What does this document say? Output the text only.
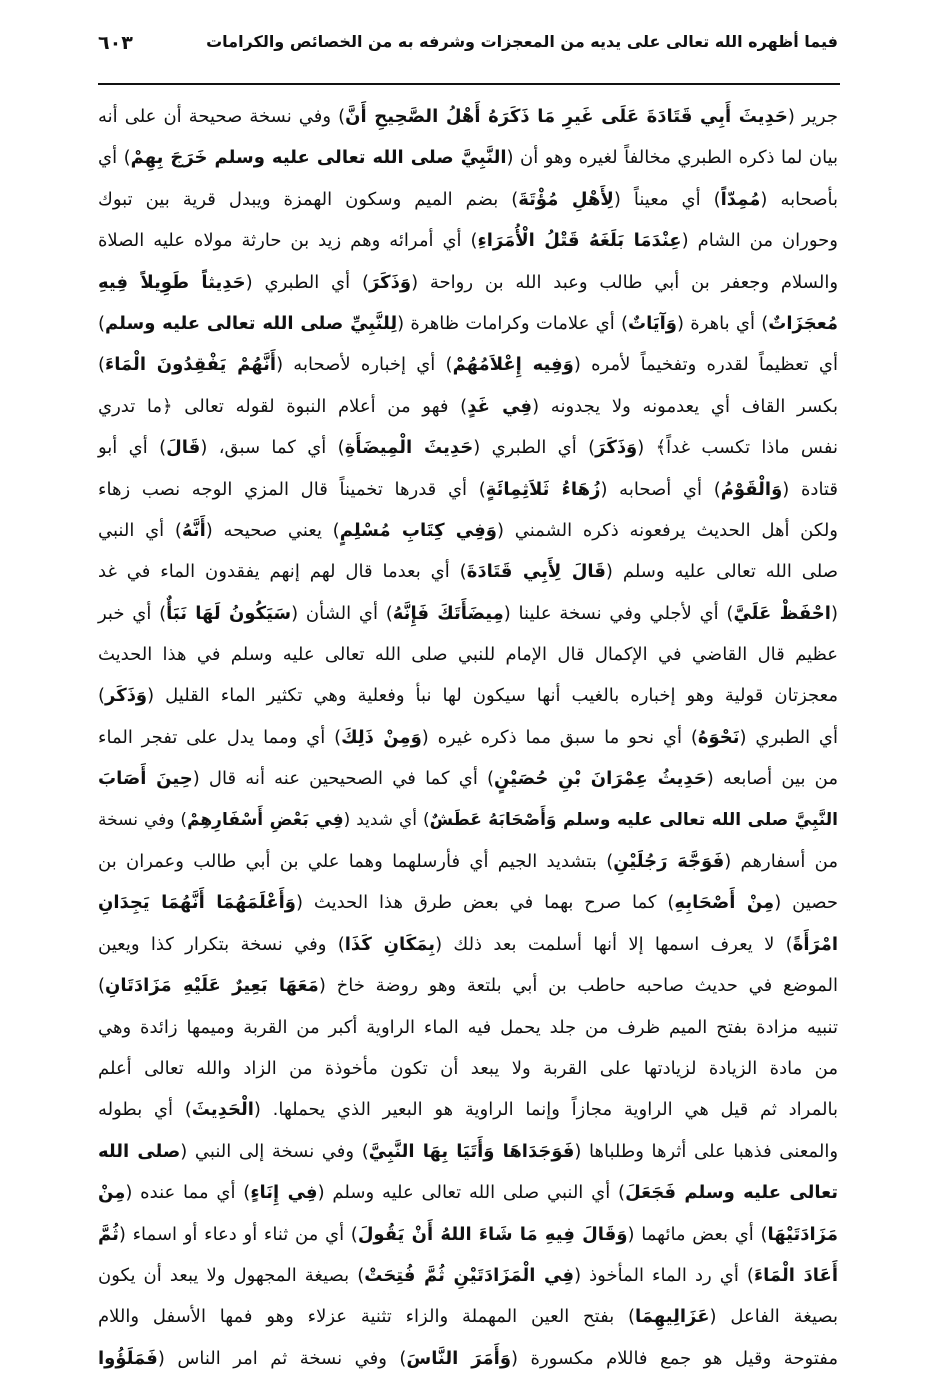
فيما أظهره الله تعالى على يديه من المعجزات وشرفه به من الخصائص والكرامات
٦٠٣
جرير (حَدِيثَ أَبِي قَتَادَةَ عَلَى غَيرِ مَا ذَكَرَهُ أَهْلُ الصَّحِيحِ أَنَّ) وفي نسخة صحيحة أن على أنه
بيان لما ذكره الطبري مخالفاً لغيره وهو أن (النَّبِيَّ صلى الله تعالى عليه وسلم خَرَجَ بِهِمْ) أي
بأصحابه (مُمِدّاً) أي معيناً (لِأَهْلِ مُؤْتَةَ) بضم الميم وسكون الهمزة ويبدل قرية بين تبوك
وحوران من الشام (عِنْدَمَا بَلَغَهُ قَتْلُ الْأُمَرَاءِ) أي أمرائه وهم زيد بن حارثة مولاه عليه الصلاة
والسلام وجعفر بن أبي طالب وعبد الله بن رواحة (وَذَكَرَ) أي الطبري (حَدِيثاً طَوِيلاً فِيهِ
مُعجَزَاتٌ) أي باهرة (وَآيَاتٌ) أي علامات وكرامات ظاهرة (لِلنَّبِيِّ صلى الله تعالى عليه وسلم)
أي تعظيماً لقدره وتفخيماً لأمره (وَفِيه إِعْلاَمُهُمْ) أي إخباره لأصحابه (أَنَّهُمْ يَفْقِدُونَ الْمَاءَ)
بكسر القاف أي يعدمونه ولا يجدونه (فِي غَدٍ) فهو من أعلام النبوة لقوله تعالى ﴿ما تدري
نفس ماذا تكسب غداً﴾ (وَذَكَرَ) أي الطبري (حَدِيثَ الْمِيضَأَةِ) أي كما سبق، (قَالَ) أي أبو
قتادة (وَالْقَوْمُ) أي أصحابه (زُهَاءُ ثَلاَثِمِائَةٍ) أي قدرها تخميناً قال المزي الوجه نصب زهاء
ولكن أهل الحديث يرفعونه ذكره الشمني (وَفِي كِتَابِ مُسْلِمٍ) يعني صحيحه (أَنَّهُ) أي النبي
صلى الله تعالى عليه وسلم (قَالَ لِأَبِي قَتَادَةَ) أي بعدما قال لهم إنهم يفقدون الماء في غد
(احْفَظْ عَلَيَّ) أي لأجلي وفي نسخة علينا (مِيضَأَتَكَ فَإِنَّهُ) أي الشأن (سَيَكُونُ لَهَا نَبَأٌ) أي خبر
عظيم قال القاضي في الإكمال قال الإمام للنبي صلى الله تعالى عليه وسلم في هذا الحديث
معجزتان قولية وهو إخباره بالغيب أنها سيكون لها نبأ وفعلية وهي تكثير الماء القليل (وَذَكَر)
أي الطبري (نَحْوَهُ) أي نحو ما سبق مما ذكره غيره (وَمِنْ ذَلِكَ) أي ومما يدل على تفجر الماء
من بين أصابعه (حَدِيثُ عِمْرَانَ بْنِ حُصَيْنٍ) أي كما في الصحيحين عنه أنه قال (حِينَ أَصَابَ
النَّبِيَّ صلى الله تعالى عليه وسلم وَأَصْحَابَهُ عَطَشٌ) أي شديد (فِي بَعْضِ أَسْفَارِهِمْ) وفي نسخة
من أسفارهم (فَوَجَّهَ رَجُلَيْنِ) بتشديد الجيم أي فأرسلهما وهما علي بن أبي طالب وعمران بن
حصين (مِنْ أَصْحَابِهِ) كما صرح بهما في بعض طرق هذا الحديث (وَأَعْلَمَهُمَا أَنَّهُمَا يَجِدَانِ
امْرَأَةً) لا يعرف اسمها إلا أنها أسلمت بعد ذلك (بِمَكَانِ كَذَا) وفي نسخة بتكرار كذا ويعين
الموضع في حديث صاحبه حاطب بن أبي بلتعة وهو روضة خاخ (مَعَهَا بَعِيرٌ عَلَيْهِ مَزَادَتَانِ)
تنبيه مزادة بفتح الميم ظرف من جلد يحمل فيه الماء الراوية أكبر من القربة وميمها زائدة وهي
من مادة الزيادة لزيادتها على القربة ولا يبعد أن تكون مأخوذة من الزاد والله تعالى أعلم
بالمراد ثم قيل هي الراوية مجازاً وإنما الراوية هو البعير الذي يحملها. (الْحَدِيثَ) أي بطوله
والمعنى فذهبا على أثرها وطلباها (فَوَجَدَاهَا وَأَتَيَا بِهَا النَّبِيَّ) وفي نسخة إلى النبي (صلى الله
تعالى عليه وسلم فَجَعَلَ) أي النبي صلى الله تعالى عليه وسلم (فِي إِنَاءٍ) أي مما عنده (مِنْ
مَزَادَتَيْهَا) أي بعض مائهما (وَقَالَ فِيهِ مَا شَاءَ اللهُ أَنْ يَقُولَ) أي من ثناء أو دعاء أو اسماء (ثُمَّ
أَعَادَ الْمَاءَ) أي رد الماء المأخوذ (فِي الْمَزَادَتَيْنِ ثُمَّ فُتِحَتْ) بصيغة المجهول ولا يبعد أن يكون
بصيغة الفاعل (عَزَالِيهِمَا) بفتح العين المهملة والزاء تثنية عزلاء وهو فمها الأسفل واللام
مفتوحة وقيل هو جمع فاللام مكسورة (وَأَمَرَ النَّاسَ) وفي نسخة ثم امر الناس (فَمَلَؤُوا
